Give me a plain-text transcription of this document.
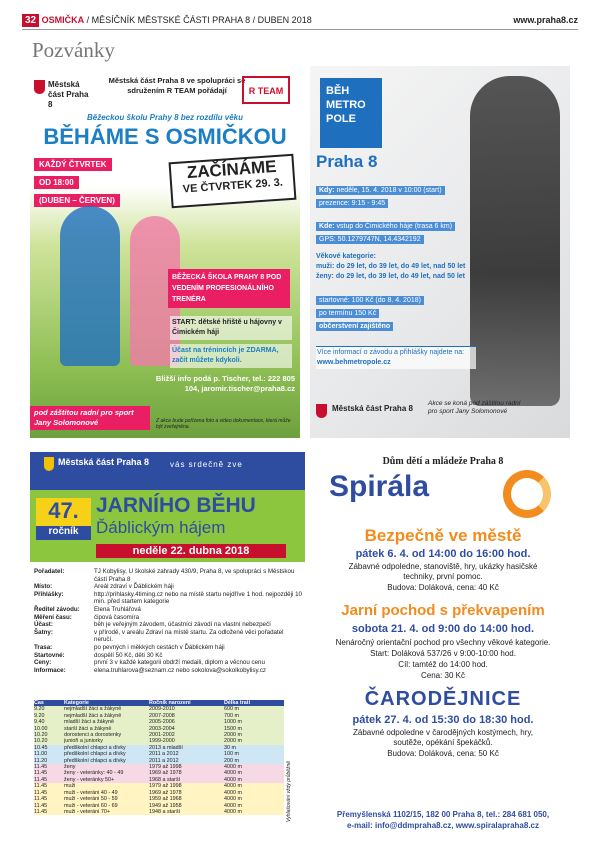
32 OSMIČKA / MĚSÍČNÍK MĚSTSKÉ ČÁSTI PRAHA 8 / DUBEN 2018	www.praha8.cz
Pozvánky
Městská část Praha 8
Městská část Praha 8 ve spolupráci se sdružením R TEAM pořádají	R TEAM
Běžeckou školu Prahy 8 bez rozdílu věku
BĚHÁME S OSMIČKOU
KAŽDÝ ČTVRTEK
OD 18:00
(DUBEN – ČERVEN)
ZAČÍNÁME
VE ČTVRTEK 29. 3.
BĚŽECKÁ ŠKOLA PRAHY 8 POD VEDENÍM PROFESIONÁLNÍHO TRENÉRA
START: dětské hřiště u hájovny v Čimickém háji
Účast na trénincích je ZDARMA, začít můžete kdykoli.
Bližší info podá p. Tischer, tel.: 222 805 104, jaromir.tischer@praha8.cz
pod záštitou radní pro sport Jany Solomonové	Z akce bude pořízena foto a video dokumentace, která může být zveřejněna.
BĚH METRO POLE
Praha 8
Kdy: neděle, 15. 4. 2018 v 10:00 (start)
prezence: 9:15 - 9:45
Kde: vstup do Čimického háje (trasa 6 km)
GPS: 50.1279747N, 14.4342192
Věkové kategorie:
muži: do 29 let, do 39 let, do 49 let, nad 50 let
ženy: do 29 let, do 39 let, do 49 let, nad 50 let
startovné: 100 Kč (do 8. 4. 2018)
po termínu 150 Kč
občerstvení zajištěno
Více informací o závodu a přihlášky najdete na:
www.behmetropole.cz
Městská část Praha 8
Akce se koná pod záštitou radní pro sport Jany Solomonové
Městská část Praha 8	vás srdečně zve
47.
ročník
JARNÍHO BĚHU
Ďáblickým hájem
neděle 22. dubna 2018
Pořadatel:	TJ Kobylisy, U školské zahrady 430/9, Praha 8, ve spolupráci s Městskou částí Praha 8
Místo:	Areál zdraví v Ďáblickém háji
Přihlášky:	http://prihlasky.4timing.cz nebo na místě startu nejdříve 1 hod. nejpozději 10 min. před startem kategorie
Ředitel závodu:	Elena Truhlářová
Měření času:	čipová časomíra
Účast:	běh je veřejným závodem, účastníci závodí na vlastní nebezpečí
Šatny:	v přírodě, v areálu Zdraví na místě startu. Za odložené věci pořadatel neručí.
Trasa:	po pevných i měkkých cestách v Ďáblickém háji
Startovné:	dospělí 50 Kč, děti 30 Kč
Ceny:	první 3 v každé kategorii obdrží medaili, diplom a věcnou cenu
Informace:	elena.truhlarova@seznam.cz nebo sokolova@sokolkobylisy.cz
Čas	Kategorie	Ročník narození	Délka trati
9.20	nejmladší žáci a žákyně	2009-2010	600 m
9.20	nejmladší žáci a žákyně	2007-2008	700 m
9.40	mladší žáci a žákyně	2005-2006	1000 m
10.00	starší žáci a žákyně	2003-2004	1500 m
10.20	dorostenci a dorostenky	2001-2002	2000 m
10.20	junioři a juniorky	1999-2000	2000 m
10.45	předškolní chlapci a dívky	2013 a mladší	30 m
11.00	předškolní chlapci a dívky	2011 a 2012	100 m
11.20	předškolní chlapci a dívky	2011 a 2012	200 m
11.45	ženy	1979 až 1998	4000 m
11.45	ženy - veteránky: 40 - 49	1969 až 1978	4000 m
11.45	ženy - veteránky 50+	1968 a starší	4000 m
11.45	muži	1979 až 1998	4000 m
11.45	muži - veteráni 40 - 49	1969 až 1978	4000 m
11.45	muži - veteráni 50 - 59	1959 až 1968	4000 m
11.45	muži - veteráni 60 - 69	1949 až 1958	4000 m
11.45	muži - veteráni 70+	1948 a starší	4000 m	Vyhlašování vždy průběžně
Dům dětí a mládeže Praha 8
Spirála
Bezpečně ve městě
pátek 6. 4. od 14:00 do 16:00 hod.
Zábavné odpoledne, stanoviště, hry, ukázky hasičské techniky, první pomoc.
Budova: Doláková, cena: 40 Kč
Jarní pochod s překvapením
sobota 21. 4. od 9:00 do 14:00 hod.
Nenáročný orientační pochod pro všechny věkové kategorie.
Start: Doláková 537/26 v 9:00-10:00 hod.
Cíl: tamtéž do 14:00 hod.
Cena: 30 Kč
ČARODĚJNICE
pátek 27. 4. od 15:30 do 18:30 hod.
Zábavné odpoledne v čarodějných kostýmech, hry, soutěže, opékání špekáčků.
Budova: Doláková, cena: 50 Kč
Přemyšlenská 1102/15, 182 00 Praha 8, tel.: 284 681 050,
e-mail: info@ddmpraha8.cz, www.spiralapraha8.cz
